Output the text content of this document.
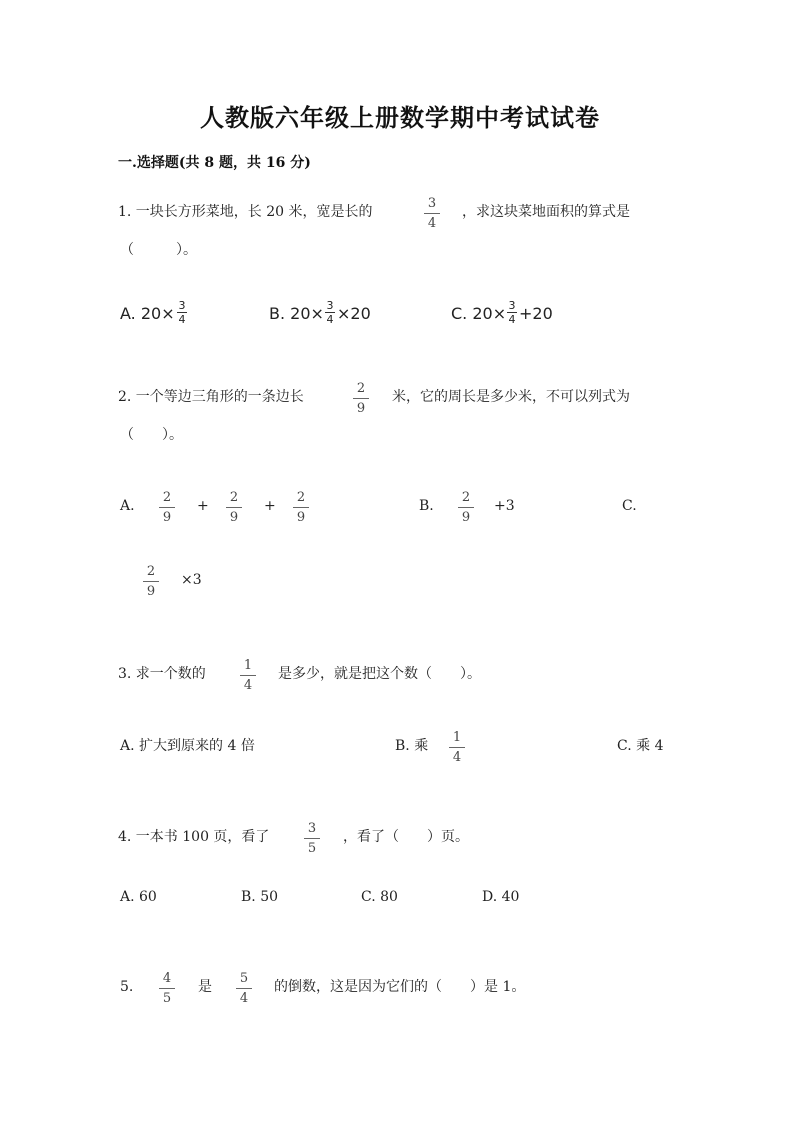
人教版六年级上册数学期中考试试卷
一.选择题(共 8 题，共 16 分)
1. 一块长方形菜地，长 20 米，宽是长的
3
4
，求这块菜地面积的算式是
（　　　）。
A. 20× 3
4	B. 20× 3
4 ×20	C. 20× 3
4 +20
2. 一个等边三角形的一条边长
2
9
米，它的周长是多少米，不可以列式为
（　　）。
A.
2
9
+
2
9
+
2
9
B.
2
9
+3	C.
2
9
×3
3. 求一个数的
1
4
是多少，就是把这个数（　　）。
A. 扩大到原来的 4 倍	B. 乘
1
4
C. 乘 4
4. 一本书 100 页，看了
3
5
，看了（　　）页。
A. 60	B. 50	C. 80	D. 40
5.
4
5
是
5
4
的倒数，这是因为它们的（　　）是 1。
